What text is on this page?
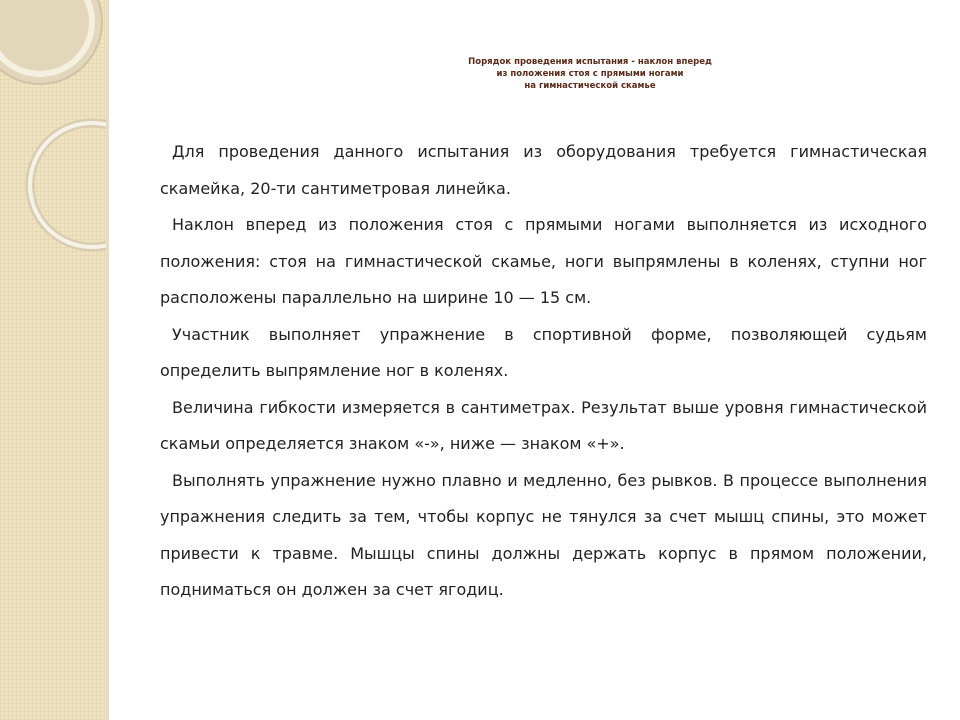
Порядок проведения испытания - наклон вперед
из положения стоя с прямыми ногами
на гимнастической скамье

Для проведения данного испытания из оборудования требуется гимнастическая скамейка, 20-ти сантиметровая линейка.

Наклон вперед из положения стоя с прямыми ногами выполняется из исходного положения: стоя на гимнастической скамье, ноги выпрямлены в коленях, ступни ног расположены параллельно на ширине 10 — 15 см.

Участник выполняет упражнение в спортивной форме, позволяющей судьям определить выпрямление ног в коленях.

Величина гибкости измеряется в сантиметрах. Результат выше уровня гимнастической скамьи определяется знаком «-», ниже — знаком «+».

Выполнять упражнение нужно плавно и медленно, без рывков. В процессе выполнения упражнения следить за тем, чтобы корпус не тянулся за счет мышц спины, это может привести к травме. Мышцы спины должны держать корпус в прямом положении, подниматься он должен за счет ягодиц.
